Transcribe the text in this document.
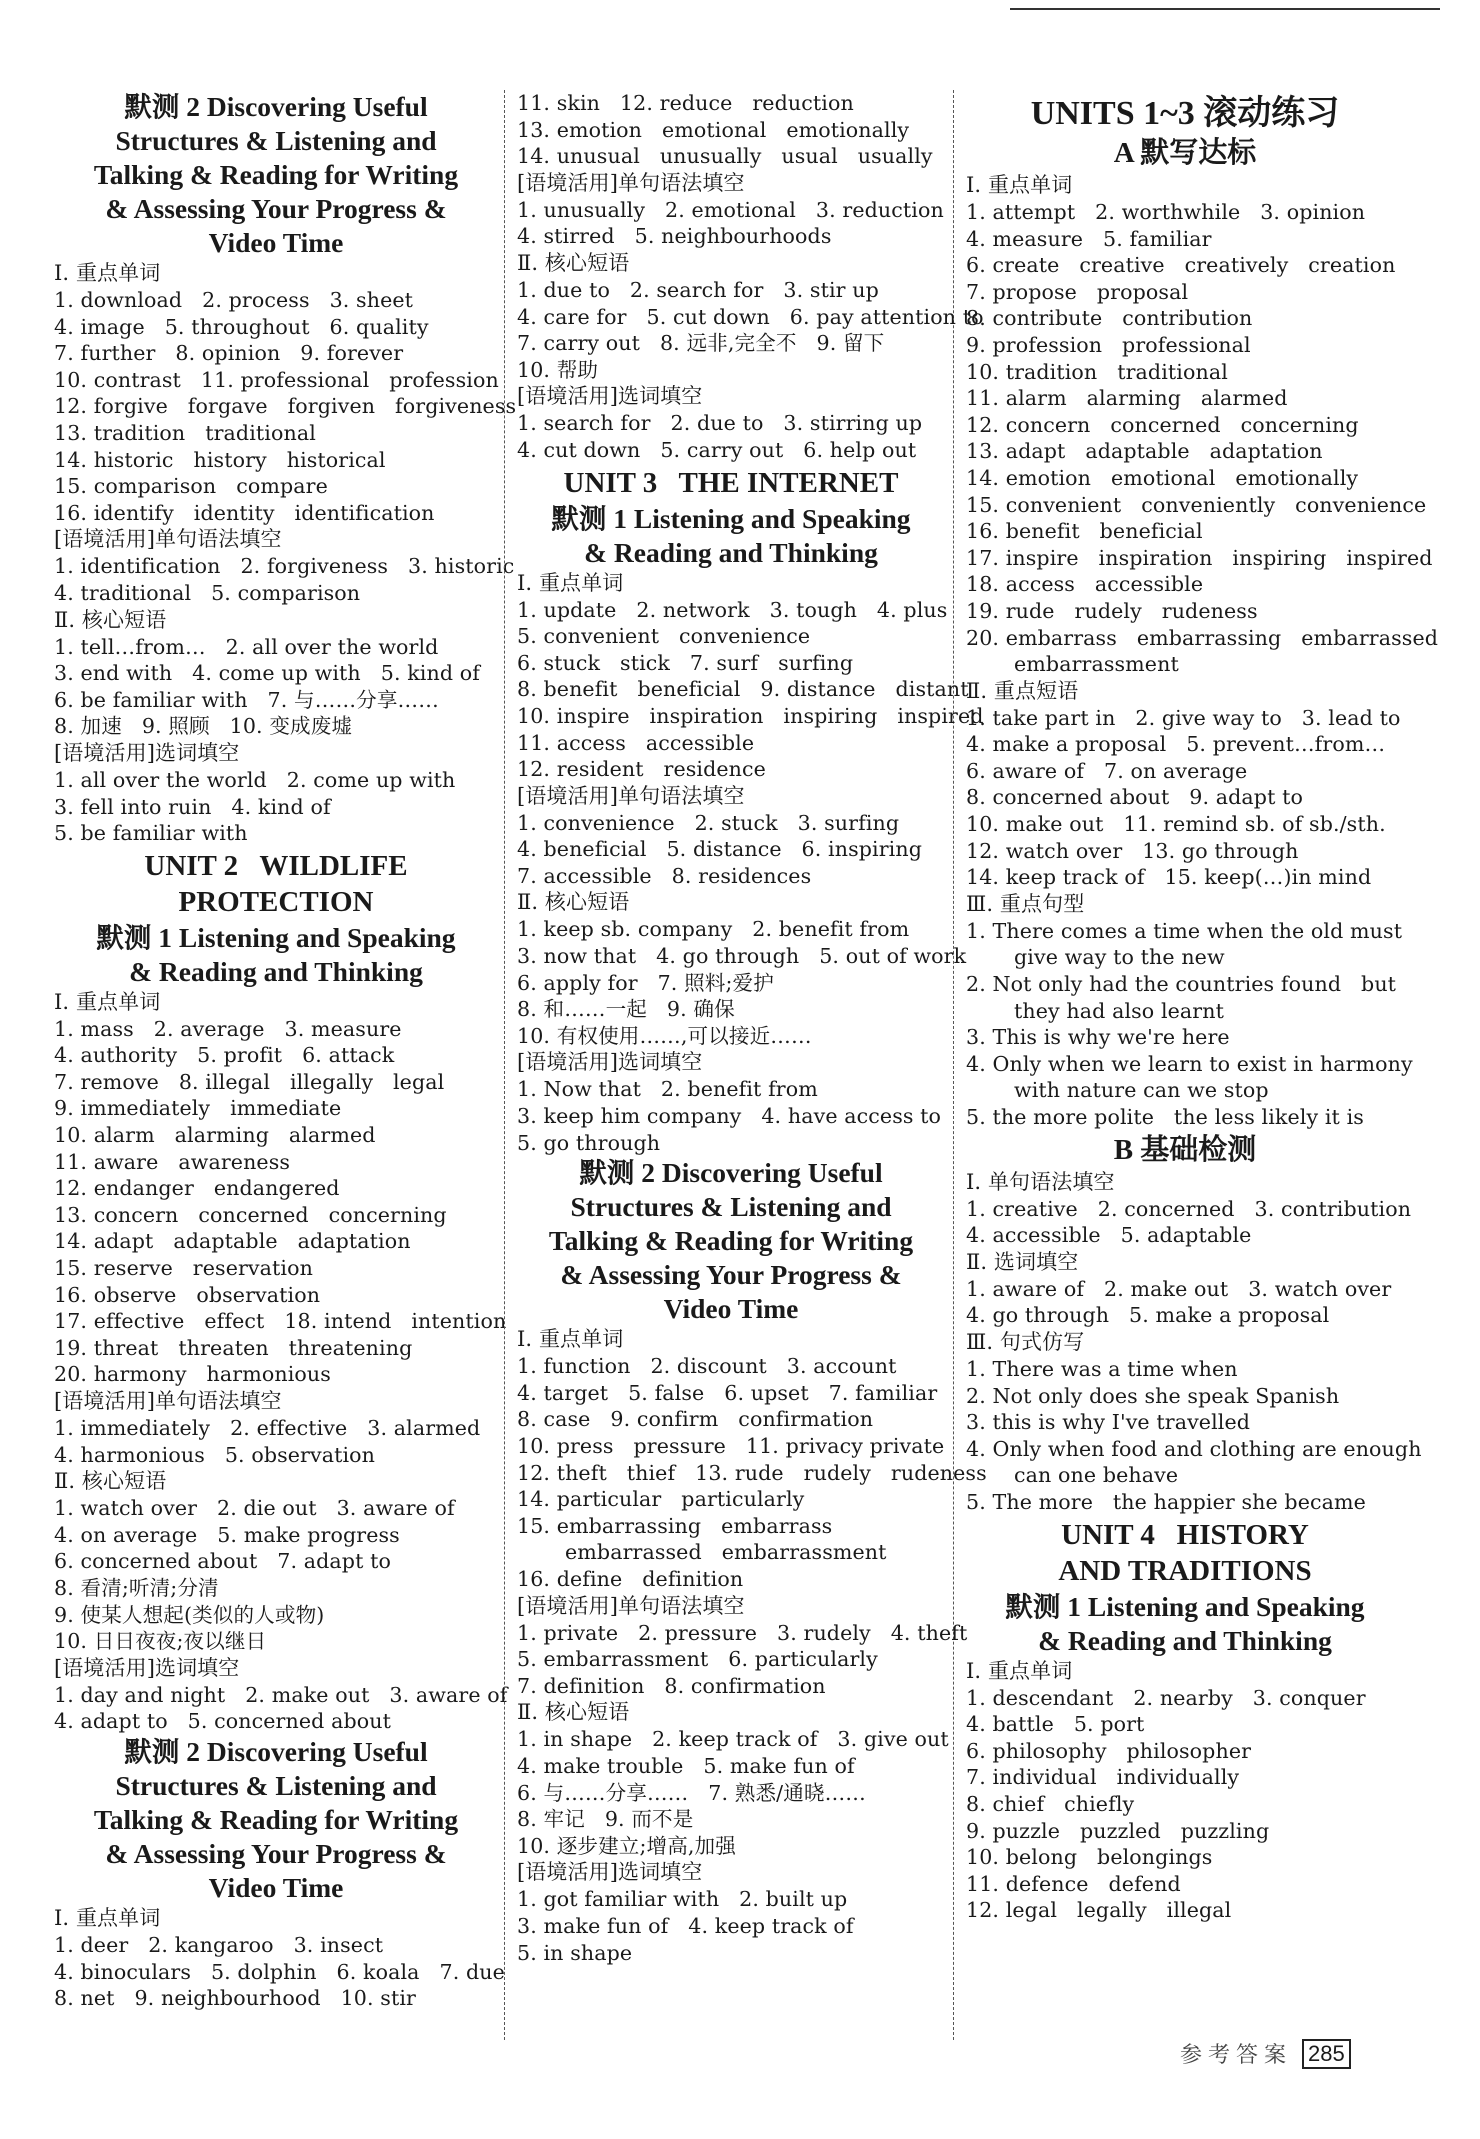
默测 2 Discovering Useful
Structures & Listening and
Talking & Reading for Writing
& Assessing Your Progress &
Video Time
Ⅰ. 重点单词
1. download   2. process   3. sheet
4. image   5. throughout   6. quality
7. further   8. opinion   9. forever
10. contrast   11. professional   profession
12. forgive   forgave   forgiven   forgiveness
13. tradition   traditional
14. historic   history   historical
15. comparison   compare
16. identify   identity   identification
[语境活用]单句语法填空
1. identification   2. forgiveness   3. historic
4. traditional   5. comparison
Ⅱ. 核心短语
1. tell…from…   2. all over the world
3. end with   4. come up with   5. kind of
6. be familiar with   7. 与……分享……
8. 加速   9. 照顾   10. 变成废墟
[语境活用]选词填空
1. all over the world   2. come up with
3. fell into ruin   4. kind of
5. be familiar with
UNIT 2   WILDLIFE
PROTECTION
默测 1 Listening and Speaking
& Reading and Thinking
Ⅰ. 重点单词
1. mass   2. average   3. measure
4. authority   5. profit   6. attack
7. remove   8. illegal   illegally   legal
9. immediately   immediate
10. alarm   alarming   alarmed
11. aware   awareness
12. endanger   endangered
13. concern   concerned   concerning
14. adapt   adaptable   adaptation
15. reserve   reservation
16. observe   observation
17. effective   effect   18. intend   intention
19. threat   threaten   threatening
20. harmony   harmonious
[语境活用]单句语法填空
1. immediately   2. effective   3. alarmed
4. harmonious   5. observation
Ⅱ. 核心短语
1. watch over   2. die out   3. aware of
4. on average   5. make progress
6. concerned about   7. adapt to
8. 看清;听清;分清
9. 使某人想起(类似的人或物)
10. 日日夜夜;夜以继日
[语境活用]选词填空
1. day and night   2. make out   3. aware of
4. adapt to   5. concerned about
默测 2 Discovering Useful
Structures & Listening and
Talking & Reading for Writing
& Assessing Your Progress &
Video Time
Ⅰ. 重点单词
1. deer   2. kangaroo   3. insect
4. binoculars   5. dolphin   6. koala   7. due
8. net   9. neighbourhood   10. stir
11. skin   12. reduce   reduction
13. emotion   emotional   emotionally
14. unusual   unusually   usual   usually
[语境活用]单句语法填空
1. unusually   2. emotional   3. reduction
4. stirred   5. neighbourhoods
Ⅱ. 核心短语
1. due to   2. search for   3. stir up
4. care for   5. cut down   6. pay attention to
7. carry out   8. 远非,完全不   9. 留下
10. 帮助
[语境活用]选词填空
1. search for   2. due to   3. stirring up
4. cut down   5. carry out   6. help out
UNIT 3   THE INTERNET
默测 1 Listening and Speaking
& Reading and Thinking
Ⅰ. 重点单词
1. update   2. network   3. tough   4. plus
5. convenient   convenience
6. stuck   stick   7. surf   surfing
8. benefit   beneficial   9. distance   distant
10. inspire   inspiration   inspiring   inspired
11. access   accessible
12. resident   residence
[语境活用]单句语法填空
1. convenience   2. stuck   3. surfing
4. beneficial   5. distance   6. inspiring
7. accessible   8. residences
Ⅱ. 核心短语
1. keep sb. company   2. benefit from
3. now that   4. go through   5. out of work
6. apply for   7. 照料;爱护
8. 和……一起   9. 确保
10. 有权使用……,可以接近……
[语境活用]选词填空
1. Now that   2. benefit from
3. keep him company   4. have access to
5. go through
默测 2 Discovering Useful
Structures & Listening and
Talking & Reading for Writing
& Assessing Your Progress &
Video Time
Ⅰ. 重点单词
1. function   2. discount   3. account
4. target   5. false   6. upset   7. familiar
8. case   9. confirm   confirmation
10. press   pressure   11. privacy private
12. theft   thief   13. rude   rudely   rudeness
14. particular   particularly
15. embarrassing   embarrass
embarrassed   embarrassment
16. define   definition
[语境活用]单句语法填空
1. private   2. pressure   3. rudely   4. theft
5. embarrassment   6. particularly
7. definition   8. confirmation
Ⅱ. 核心短语
1. in shape   2. keep track of   3. give out
4. make trouble   5. make fun of
6. 与……分享……   7. 熟悉/通晓……
8. 牢记   9. 而不是
10. 逐步建立;增高,加强
[语境活用]选词填空
1. got familiar with   2. built up
3. make fun of   4. keep track of
5. in shape
UNITS 1~3 滚动练习
A 默写达标
Ⅰ. 重点单词
1. attempt   2. worthwhile   3. opinion
4. measure   5. familiar
6. create   creative   creatively   creation
7. propose   proposal
8. contribute   contribution
9. profession   professional
10. tradition   traditional
11. alarm   alarming   alarmed
12. concern   concerned   concerning
13. adapt   adaptable   adaptation
14. emotion   emotional   emotionally
15. convenient   conveniently   convenience
16. benefit   beneficial
17. inspire   inspiration   inspiring   inspired
18. access   accessible
19. rude   rudely   rudeness
20. embarrass   embarrassing   embarrassed
embarrassment
Ⅱ. 重点短语
1. take part in   2. give way to   3. lead to
4. make a proposal   5. prevent…from…
6. aware of   7. on average
8. concerned about   9. adapt to
10. make out   11. remind sb. of sb./sth.
12. watch over   13. go through
14. keep track of   15. keep(…)in mind
Ⅲ. 重点句型
1. There comes a time when the old must
give way to the new
2. Not only had the countries found   but
they had also learnt
3. This is why we're here
4. Only when we learn to exist in harmony
with nature can we stop
5. the more polite   the less likely it is
B 基础检测
Ⅰ. 单句语法填空
1. creative   2. concerned   3. contribution
4. accessible   5. adaptable
Ⅱ. 选词填空
1. aware of   2. make out   3. watch over
4. go through   5. make a proposal
Ⅲ. 句式仿写
1. There was a time when
2. Not only does she speak Spanish
3. this is why I've travelled
4. Only when food and clothing are enough
can one behave
5. The more   the happier she became
UNIT 4   HISTORY
AND TRADITIONS
默测 1 Listening and Speaking
& Reading and Thinking
Ⅰ. 重点单词
1. descendant   2. nearby   3. conquer
4. battle   5. port
6. philosophy   philosopher
7. individual   individually
8. chief   chiefly
9. puzzle   puzzled   puzzling
10. belong   belongings
11. defence   defend
12. legal   legally   illegal
参考答案 285
